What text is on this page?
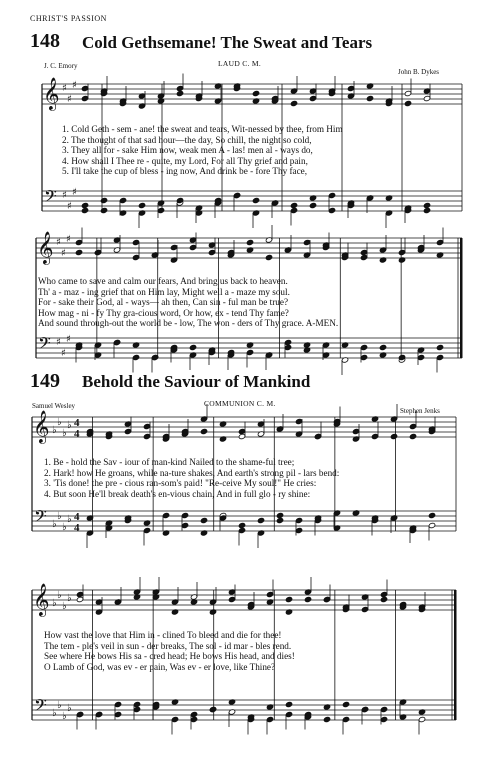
CHRIST'S PASSION
148 Cold Gethsemane! The Sweat and Tears
J. C. Emory	LAUD C. M.
John B. Dykes
1. Cold Geth - sem - ane! the sweat and tears, Wit-nessed by thee, from Him
2. The thought of that sad hour—the day, So chill, the night so cold,
3. They all for - sake Him now, weak men A - las! men al - ways do,
4. How shall I Thee re - quite, my Lord, For all Thy grief and pain,
5. I'll take the cup of bless - ing now, And drink be - fore Thy face,
Who came to save and calm our fears, And bring us back to heaven.
Th' a - maz - ing grief that on Him lay, Might well a - maze my soul.
For - sake their God, al - ways— ah then, Can sin - ful man be true?
How mag - ni - fy Thy gra-cious word, Or how, ex - tend Thy fame?
And sound through-out the world be - low, The won - ders of Thy grace. A-MEN.
149 Behold the Saviour of Mankind
Samuel Wesley	COMMUNION C. M.
Stephen Jenks
1. Be - hold the Sav - iour of man-kind Nailed to the shame-ful tree;
2. Hark! how He groans, while na-ture shakes, And earth's strong pil - lars bend:
3. 'Tis done! the pre - cious ran-som's paid! "Re-ceive My soul!" He cries:
4. But soon He'll break death's en-vious chain, And in full glo - ry shine:
How vast the love that Him in - clined To bleed and die for thee!
The tem - ple's veil in sun - der breaks, The sol - id mar - bles rend.
See where He bows His sa - cred head; He bows His head, and dies!
O Lamb of God, was ev - er pain, Was ev - er love, like Thine?
𝄞
𝄢
♯
♯
♯
♯
♯
♯
𝄞
𝄢
♯
♯
♯
♯
♯
♯
𝄞
𝄢
♭
♭
♭
♭
♭
♭
♭
♭
4
4
4
4
𝄞
𝄢
♭
♭
♭
♭
♭
♭
♭
♭
